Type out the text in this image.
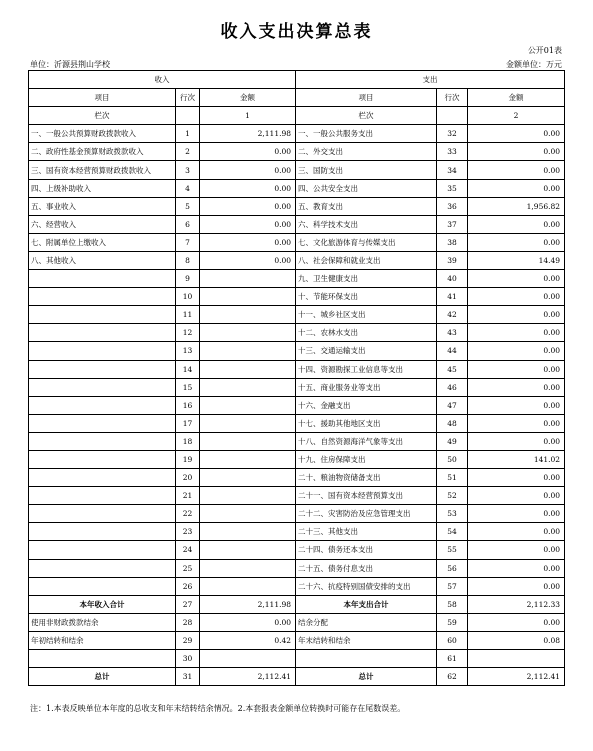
收入支出决算总表
公开01表
单位：沂源县荆山学校	金额单位：万元
收入			支出		
项目	行次	金额	项目	行次	金额
栏次		1	栏次		2
一、一般公共预算财政拨款收入	1	2,111.98	一、一般公共服务支出	32	0.00
二、政府性基金预算财政拨款收入	2	0.00	二、外交支出	33	0.00
三、国有资本经营预算财政拨款收入	3	0.00	三、国防支出	34	0.00
四、上级补助收入	4	0.00	四、公共安全支出	35	0.00
五、事业收入	5	0.00	五、教育支出	36	1,956.82
六、经营收入	6	0.00	六、科学技术支出	37	0.00
七、附属单位上缴收入	7	0.00	七、文化旅游体育与传媒支出	38	0.00
八、其他收入	8	0.00	八、社会保障和就业支出	39	14.49
	9		九、卫生健康支出	40	0.00
	10		十、节能环保支出	41	0.00
	11		十一、城乡社区支出	42	0.00
	12		十二、农林水支出	43	0.00
	13		十三、交通运输支出	44	0.00
	14		十四、资源勘探工业信息等支出	45	0.00
	15		十五、商业服务业等支出	46	0.00
	16		十六、金融支出	47	0.00
	17		十七、援助其他地区支出	48	0.00
	18		十八、自然资源海洋气象等支出	49	0.00
	19		十九、住房保障支出	50	141.02
	20		二十、粮油物资储备支出	51	0.00
	21		二十一、国有资本经营预算支出	52	0.00
	22		二十二、灾害防治及应急管理支出	53	0.00
	23		二十三、其他支出	54	0.00
	24		二十四、债务还本支出	55	0.00
	25		二十五、债务付息支出	56	0.00
	26		二十六、抗疫特别国债安排的支出	57	0.00
本年收入合计	27	2,111.98	本年支出合计	58	2,112.33
使用非财政拨款结余	28	0.00	结余分配	59	0.00
年初结转和结余	29	0.42	年末结转和结余	60	0.08
	30			61	
总计	31	2,112.41	总计	62	2,112.41
注：1.本表反映单位本年度的总收支和年末结转结余情况。2.本套报表金额单位转换时可能存在尾数误差。
